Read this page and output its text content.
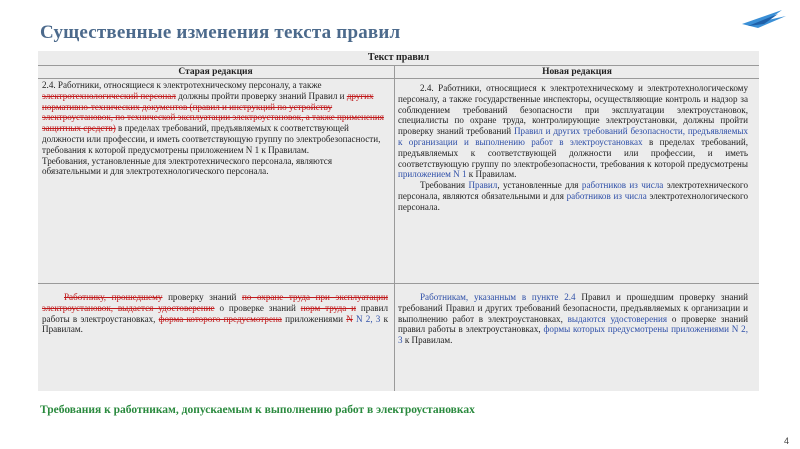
Существенные изменения текста правил
Текст правил
Старая редакция	Новая редакция

2.4. Работники, относящиеся к электротехническому персоналу, а также электротехнологический персонал должны пройти проверку знаний Правил и других нормативно-технических документов (правил и инструкций по устройству электроустановок, по технической эксплуатации электроустановок, а также применения защитных средств) в пределах требований, предъявляемых к соответствующей должности или профессии, и иметь соответствующую группу по электробезопасности, требования к которой предусмотрены приложением N 1 к Правилам.

Требования, установленные для электротехнического персонала, являются обязательными и для электротехнологического персонала.

2.4. Работники, относящиеся к электротехническому и электротехнологическому персоналу, а также государственные инспекторы, осуществляющие контроль и надзор за соблюдением требований безопасности при эксплуатации электроустановок, специалисты по охране труда, контролирующие электроустановки, должны пройти проверку знаний требований Правил и других требований безопасности, предъявляемых к организации и выполнению работ в электроустановках в пределах требований, предъявляемых к соответствующей должности или профессии, и иметь соответствующую группу по электробезопасности, требования к которой предусмотрены приложением N 1 к Правилам.

Требования Правил, установленные для работников из числа электротехнического персонала, являются обязательными и для работников из числа электротехнологического персонала.

Работнику, прошедшему проверку знаний по охране труда при эксплуатации электроустановок, выдается удостоверение о проверке знаний норм труда и правил работы в электроустановках, форма которого предусмотрена приложениями N N 2, 3 к Правилам.

Работникам, указанным в пункте 2.4 Правил и прошедшим проверку знаний требований Правил и других требований безопасности, предъявляемых к организации и выполнению работ в электроустановках, выдаются удостоверения о проверке знаний правил работы в электроустановках, формы которых предусмотрены приложениями N 2, 3 к Правилам.

Требования к работникам, допускаемым к выполнению работ в электроустановках
4
